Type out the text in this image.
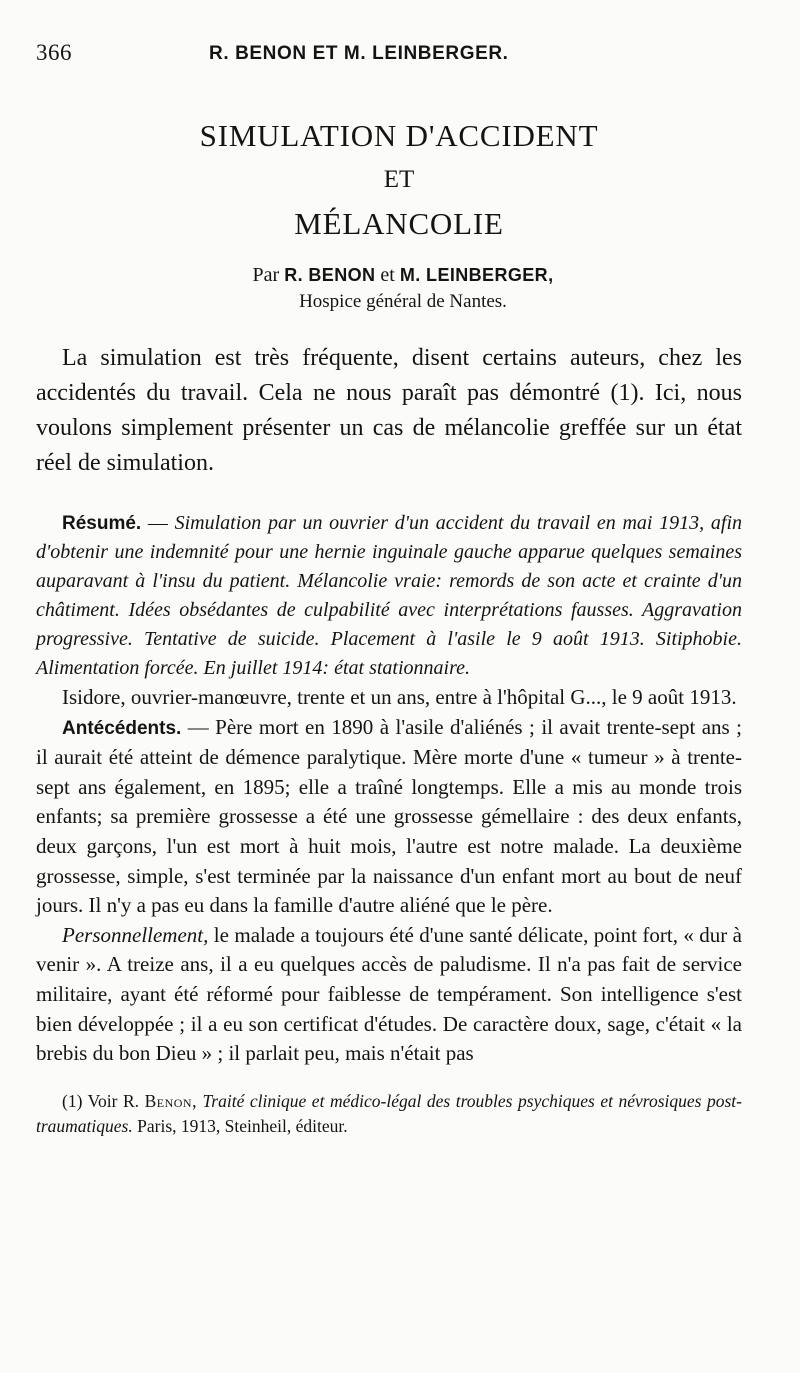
366	R. BENON ET M. LEINBERGER.
SIMULATION D'ACCIDENT
ET
MÉLANCOLIE
Par R. BENON et M. LEINBERGER,
Hospice général de Nantes.

La simulation est très fréquente, disent certains auteurs, chez les accidentés du travail. Cela ne nous paraît pas démontré (1). Ici, nous voulons simplement présenter un cas de mélancolie greffée sur un état réel de simulation.

Résumé. — Simulation par un ouvrier d'un accident du travail en mai 1913, afin d'obtenir une indemnité pour une hernie inguinale gauche apparue quelques semaines auparavant à l'insu du patient. Mélancolie vraie: remords de son acte et crainte d'un châtiment. Idées obsédantes de culpabilité avec interprétations fausses. Aggravation progressive. Tentative de suicide. Placement à l'asile le 9 août 1913. Sitiphobie. Alimentation forcée. En juillet 1914: état stationnaire.

Isidore, ouvrier-manœuvre, trente et un ans, entre à l'hôpital G..., le 9 août 1913.

Antécédents. — Père mort en 1890 à l'asile d'aliénés ; il avait trente-sept ans ; il aurait été atteint de démence paralytique. Mère morte d'une « tumeur » à trente-sept ans également, en 1895; elle a traîné longtemps. Elle a mis au monde trois enfants; sa première grossesse a été une grossesse gémellaire : des deux enfants, deux garçons, l'un est mort à huit mois, l'autre est notre malade. La deuxième grossesse, simple, s'est terminée par la naissance d'un enfant mort au bout de neuf jours. Il n'y a pas eu dans la famille d'autre aliéné que le père.

Personnellement, le malade a toujours été d'une santé délicate, point fort, « dur à venir ». A treize ans, il a eu quelques accès de paludisme. Il n'a pas fait de service militaire, ayant été réformé pour faiblesse de tempérament. Son intelligence s'est bien développée ; il a eu son certificat d'études. De caractère doux, sage, c'était « la brebis du bon Dieu » ; il parlait peu, mais n'était pas

(1) Voir R. Benon, Traité clinique et médico-légal des troubles psychiques et névrosiques post-traumatiques. Paris, 1913, Steinheil, éditeur.
